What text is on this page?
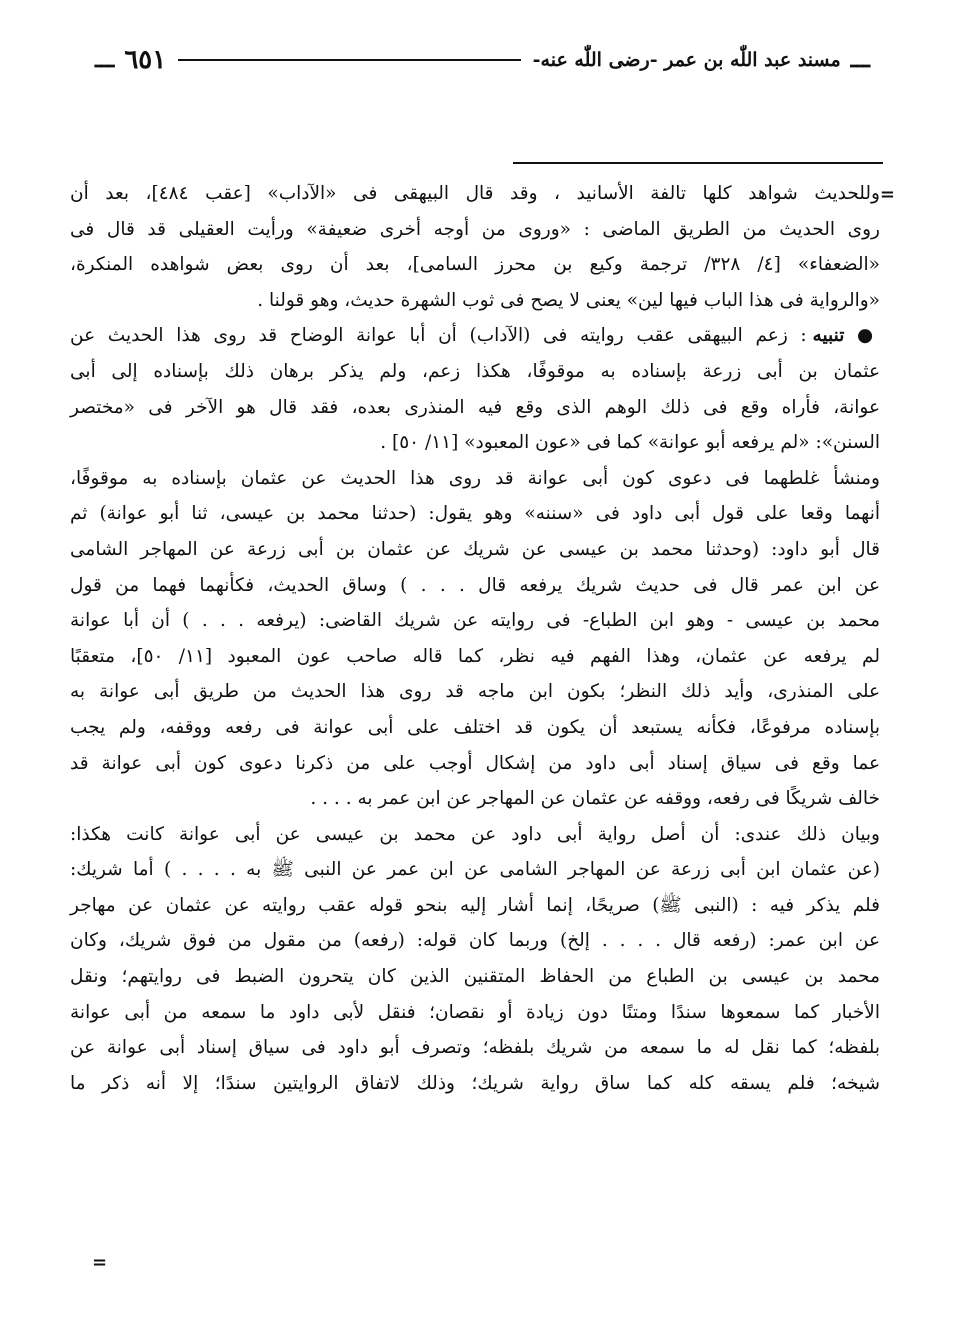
ـــ
مسند عبد اللّٰه بن عمر -رضى اللّٰه عنه-
٦٥١
ـــ
=

وللحديث شواهد كلها تالفة الأسانيد ، وقد قال البيهقى فى «الآداب» [عقب ٤٨٤]، بعد أن
روى الحديث من الطريق الماضى : «وروى من أوجه أخرى ضعيفة» ورأيت العقيلى قد قال فى
«الضعفاء» [٤/ ٣٢٨/ ترجمة وكيع بن محرز السامى]، بعد أن روى بعض شواهده المنكرة،
«والرواية فى هذا الباب فيها لين» يعنى لا يصح فى ثوب الشهرة حديث، وهو قولنا .

● تنبيه : زعم البيهقى عقب روايته فى (الآداب) أن أبا عوانة الوضاح قد روى هذا الحديث عن
عثمان بن أبى زرعة بإسناده به موقوفًا، هكذا زعم، ولم يذكر برهان ذلك بإسناده إلى أبى
عوانة، فأراه وقع فى ذلك الوهم الذى وقع فيه المنذرى بعده، فقد قال هو الآخر فى «مختصر
السنن»: «لم يرفعه أبو عوانة» كما فى «عون المعبود» [١١/ ٥٠] .

ومنشأ غلطهما فى دعوى كون أبى عوانة قد روى هذا الحديث عن عثمان بإسناده به موقوفًا،
أنهما وقعا على قول أبى داود فى «سننه» وهو يقول: (حدثنا محمد بن عيسى، ثنا أبو عوانة) ثم
قال أبو داود: (وحدثنا محمد بن عيسى عن شريك عن عثمان بن أبى زرعة عن المهاجر الشامى
عن ابن عمر قال فى حديث شريك يرفعه قال . . . ) وساق الحديث، فكأنهما فهما من قول
محمد بن عيسى - وهو ابن الطباع- فى روايته عن شريك القاضى: (يرفعه . . . ) أن أبا عوانة
لم يرفعه عن عثمان، وهذا الفهم فيه نظر، كما قاله صاحب عون المعبود [١١/ ٥٠]، متعقبًا
على المنذرى، وأيد ذلك النظر؛ بكون ابن ماجه قد روى هذا الحديث من طريق أبى عوانة به
بإسناده مرفوعًا، فكأنه يستبعد أن يكون قد اختلف على أبى عوانة فى رفعه ووقفه، ولم يجب
عما وقع فى سياق إسناد أبى داود من إشكال أوجب على من ذكرنا دعوى كون أبى عوانة قد
خالف شريكًا فى رفعه، ووقفه عن عثمان عن المهاجر عن ابن عمر به . . . .

وبيان ذلك عندى: أن أصل رواية أبى داود عن محمد بن عيسى عن أبى عوانة كانت هكذا:
(عن عثمان ابن أبى زرعة عن المهاجر الشامى عن ابن عمر عن النبى ﷺ به . . . . ) أما شريك:
فلم يذكر فيه : (النبى ﷺ) صريحًا، إنما أشار إليه بنحو قوله عقب روايته عن عثمان عن مهاجر
عن ابن عمر: (رفعه قال . . . . إلخ) وربما كان قوله: (رفعه) من مقول من فوق شريك، وكان
محمد بن عيسى بن الطباع من الحفاظ المتقنين الذين كان يتحرون الضبط فى روايتهم؛ ونقل
الأخبار كما سمعوها سندًا ومتنًا دون زيادة أو نقصان؛ فنقل لأبى داود ما سمعه من أبى عوانة
بلفظه؛ كما نقل له ما سمعه من شريك بلفظه؛ وتصرف أبو داود فى سياق إسناد أبى عوانة عن
شيخه؛ فلم يسقه كله كما ساق رواية شريك؛ وذلك لاتفاق الروايتين سندًا؛ إلا أنه ذكر ما

=
